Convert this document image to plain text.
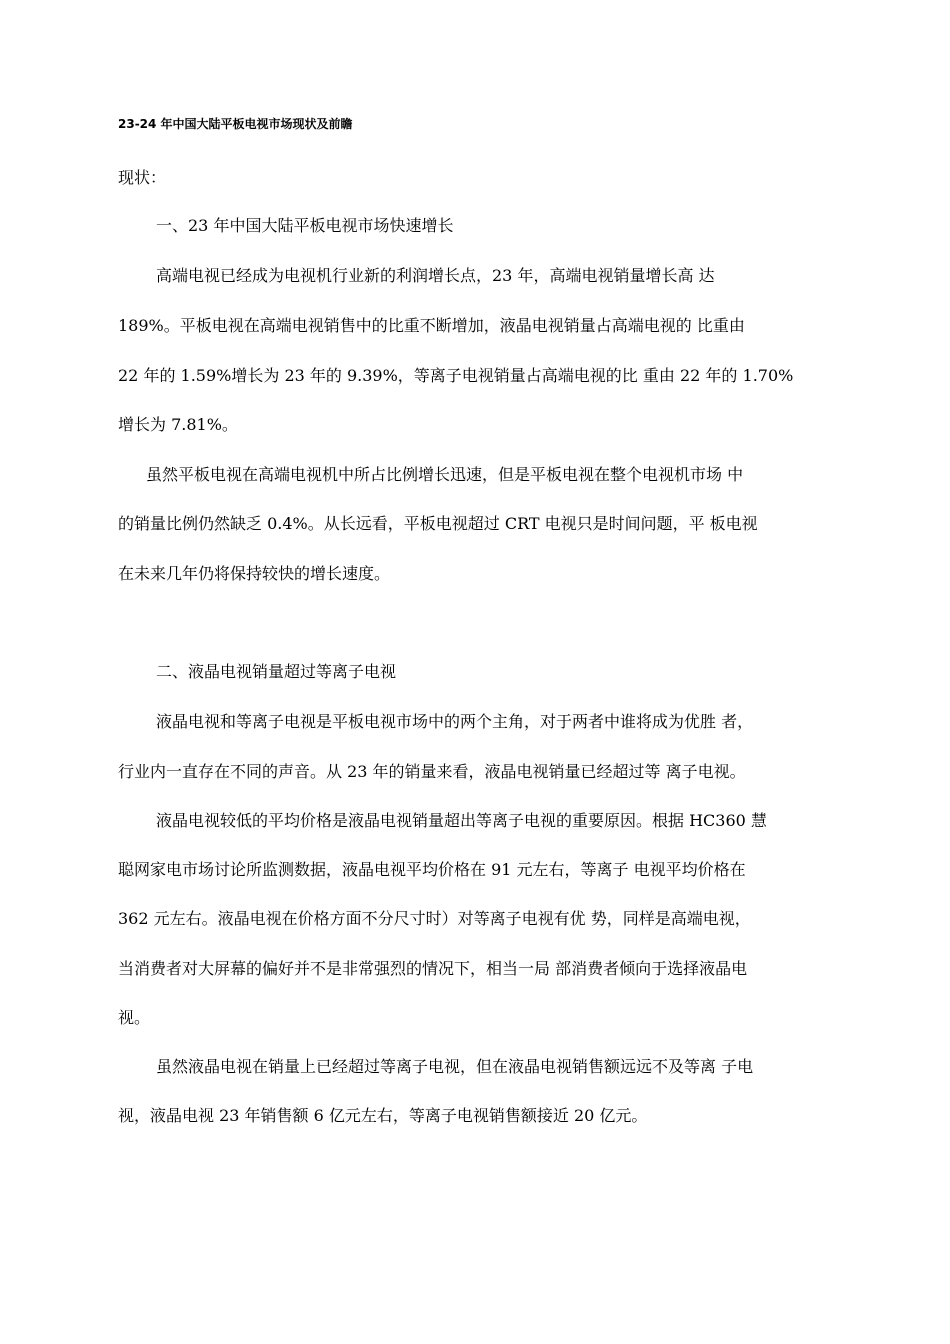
23-24 年中国大陆平板电视市场现状及前瞻
现状：
一、23 年中国大陆平板电视市场快速增长
高端电视已经成为电视机行业新的利润增长点，23 年，高端电视销量增长高 达
189%。平板电视在高端电视销售中的比重不断增加，液晶电视销量占高端电视的 比重由
22 年的 1.59%增长为 23 年的 9.39%，等离子电视销量占高端电视的比 重由 22 年的 1.70%
增长为 7.81%。
虽然平板电视在高端电视机中所占比例增长迅速，但是平板电视在整个电视机市场 中
的销量比例仍然缺乏 0.4%。从长远看，平板电视超过 CRT 电视只是时间问题，平 板电视
在未来几年仍将保持较快的增长速度。
二、液晶电视销量超过等离子电视
液晶电视和等离子电视是平板电视市场中的两个主角，对于两者中谁将成为优胜 者，
行业内一直存在不同的声音。从 23 年的销量来看，液晶电视销量已经超过等 离子电视。
液晶电视较低的平均价格是液晶电视销量超出等离子电视的重要原因。根据 HC360 慧
聪网家电市场讨论所监测数据，液晶电视平均价格在 91 元左右，等离子 电视平均价格在
362 元左右。液晶电视在价格方面不分尺寸时）对等离子电视有优 势，同样是高端电视，
当消费者对大屏幕的偏好并不是非常强烈的情况下，相当一局 部消费者倾向于选择液晶电
视。
虽然液晶电视在销量上已经超过等离子电视，但在液晶电视销售额远远不及等离 子电
视，液晶电视 23 年销售额 6 亿元左右，等离子电视销售额接近 20 亿元。
